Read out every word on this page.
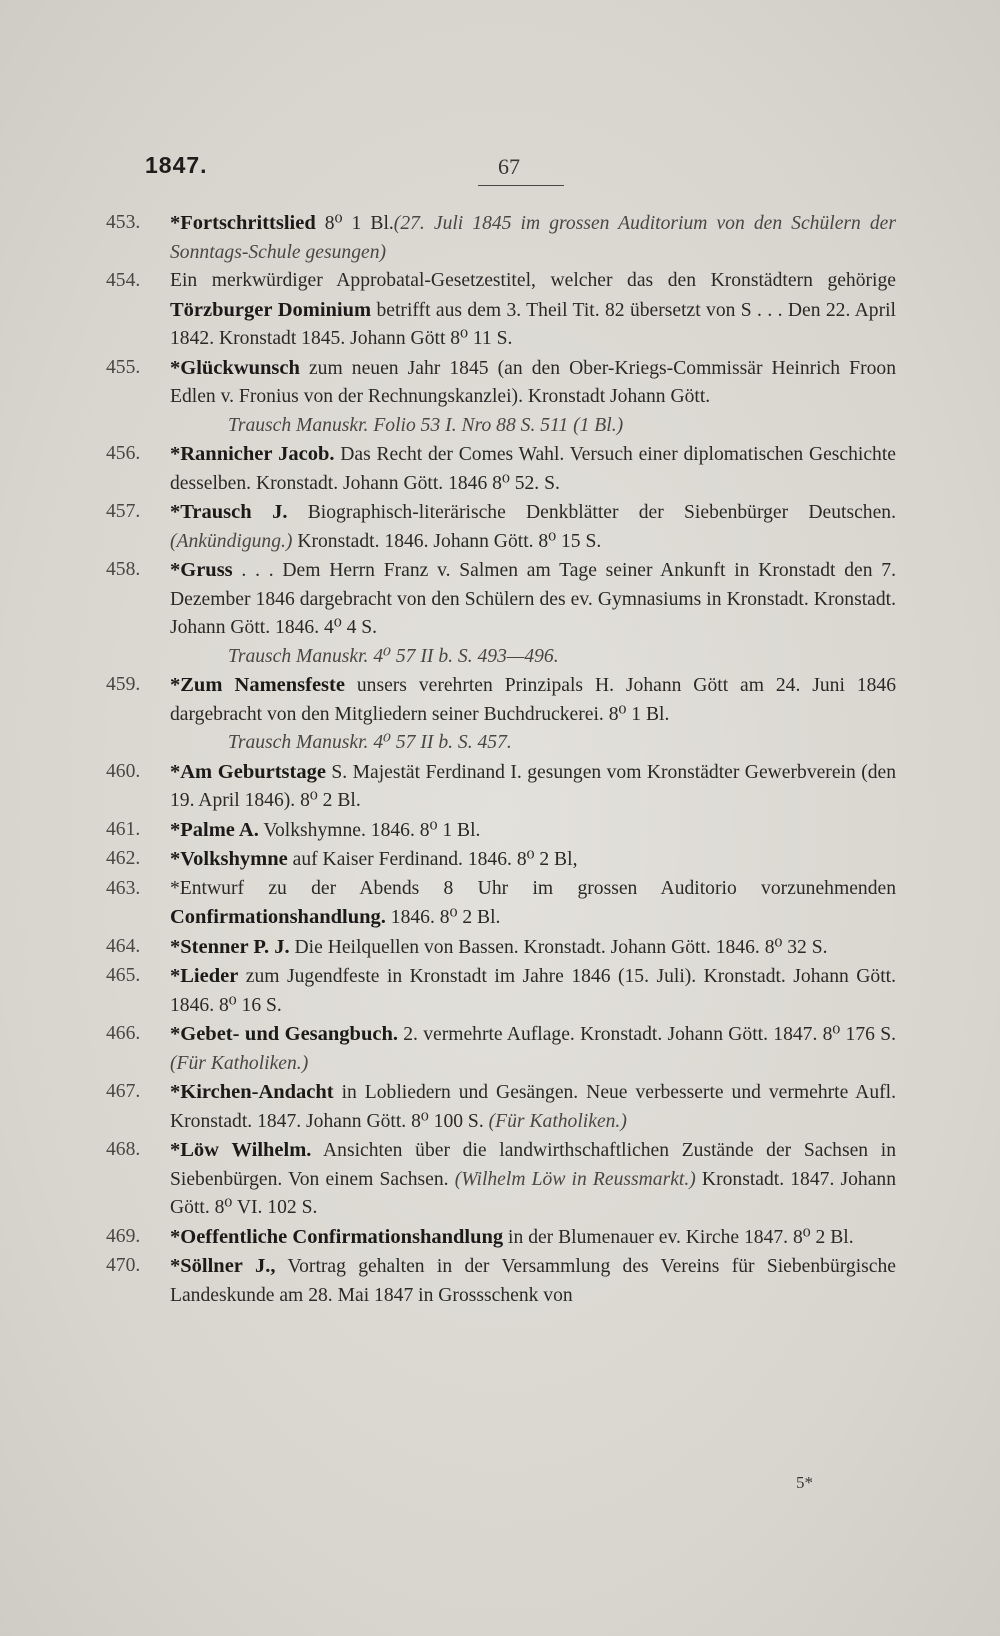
1847.	67
453. *Fortschrittslied 8⁰ 1 Bl.(27. Juli 1845 im grossen Auditorium von den Schülern der Sonntags-Schule gesungen)
454. Ein merkwürdiger Approbatal-Gesetzestitel, welcher das den Kronstädtern gehörige Törzburger Dominium betrifft aus dem 3. Theil Tit. 82 übersetzt von S . . . Den 22. April 1842. Kronstadt 1845. Johann Gött 8⁰ 11 S.
455. *Glückwunsch zum neuen Jahr 1845 (an den Ober-Kriegs-Commissär Heinrich Froon Edlen v. Fronius von der Rechnungskanzlei). Kronstadt Johann Gött.
Trausch Manuskr. Folio 53 I. Nro 88 S. 511 (1 Bl.)
456. *Rannicher Jacob. Das Recht der Comes Wahl. Versuch einer diplomatischen Geschichte desselben. Kronstadt. Johann Gött. 1846 8⁰ 52. S.
457. *Trausch J. Biographisch-literärische Denkblätter der Siebenbürger Deutschen. (Ankündigung.) Kronstadt. 1846. Johann Gött. 8⁰ 15 S.
458. *Gruss . . . Dem Herrn Franz v. Salmen am Tage seiner Ankunft in Kronstadt den 7. Dezember 1846 dargebracht von den Schülern des ev. Gymnasiums in Kronstadt. Kronstadt. Johann Gött. 1846. 4⁰ 4 S.
Trausch Manuskr. 4⁰ 57 II b. S. 493—496.
459. *Zum Namensfeste unsers verehrten Prinzipals H. Johann Gött am 24. Juni 1846 dargebracht von den Mitgliedern seiner Buchdruckerei. 8⁰ 1 Bl.
Trausch Manuskr. 4⁰ 57 II b. S. 457.
460. *Am Geburtstage S. Majestät Ferdinand I. gesungen vom Kronstädter Gewerbverein (den 19. April 1846). 8⁰ 2 Bl.
461. *Palme A. Volkshymne. 1846. 8⁰ 1 Bl.
462. *Volkshymne auf Kaiser Ferdinand. 1846. 8⁰ 2 Bl,
463. *Entwurf zu der Abends 8 Uhr im grossen Auditorio vorzunehmenden Confirmationshandlung. 1846. 8⁰ 2 Bl.
464. *Stenner P. J. Die Heilquellen von Bassen. Kronstadt. Johann Gött. 1846. 8⁰ 32 S.
465. *Lieder zum Jugendfeste in Kronstadt im Jahre 1846 (15. Juli). Kronstadt. Johann Gött. 1846. 8⁰ 16 S.
466. *Gebet- und Gesangbuch. 2. vermehrte Auflage. Kronstadt. Johann Gött. 1847. 8⁰ 176 S. (Für Katholiken.)
467. *Kirchen-Andacht in Lobliedern und Gesängen. Neue verbesserte und vermehrte Aufl. Kronstadt. 1847. Johann Gött. 8⁰ 100 S. (Für Katholiken.)
468. *Löw Wilhelm. Ansichten über die landwirthschaftlichen Zustände der Sachsen in Siebenbürgen. Von einem Sachsen. (Wilhelm Löw in Reussmarkt.) Kronstadt. 1847. Johann Gött. 8⁰ VI. 102 S.
469. *Oeffentliche Confirmationshandlung in der Blumenauer ev. Kirche 1847. 8⁰ 2 Bl.
470. *Söllner J., Vortrag gehalten in der Versammlung des Vereins für Siebenbürgische Landeskunde am 28. Mai 1847 in Grossschenk von
5*
